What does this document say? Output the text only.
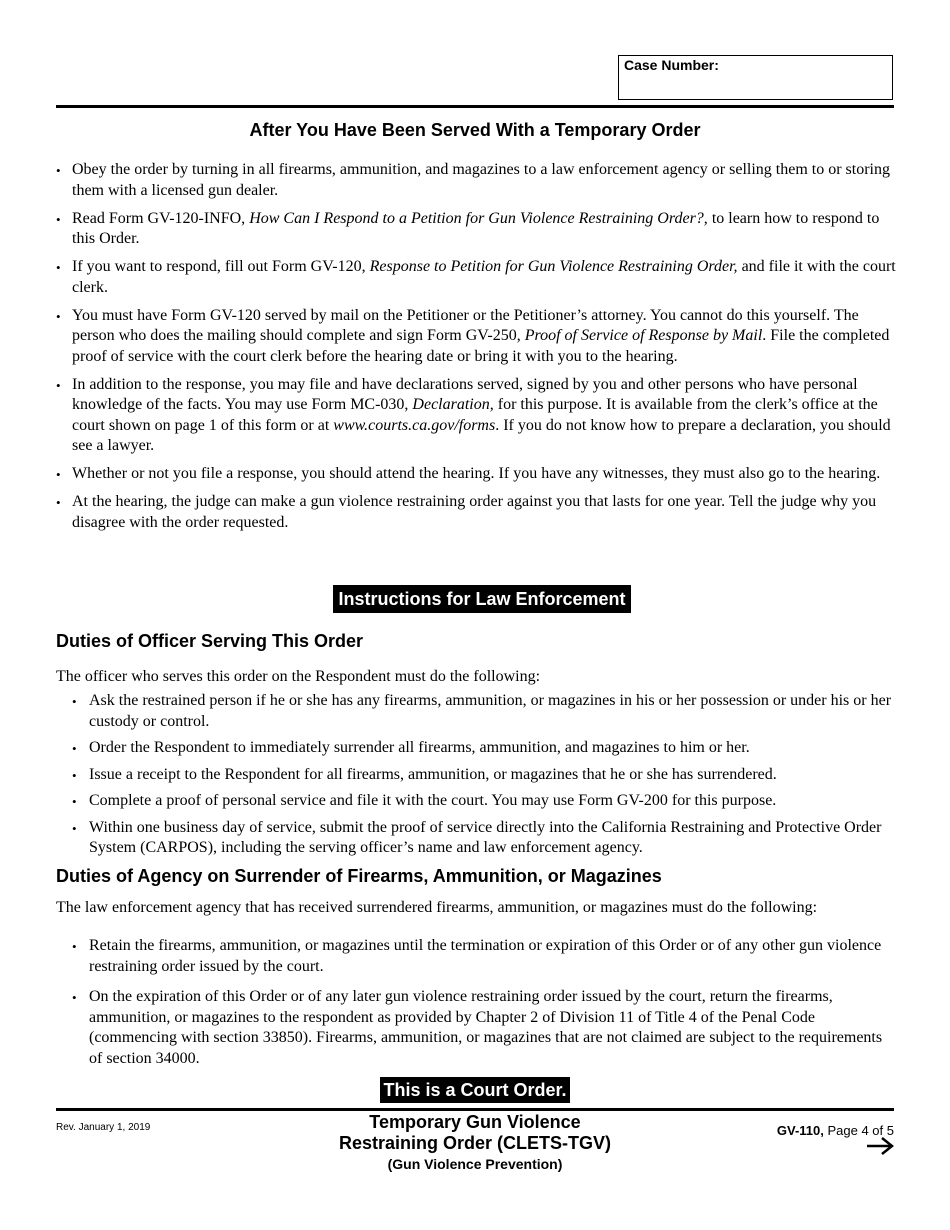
Case Number:
After You Have Been Served With a Temporary Order
• Obey the order by turning in all firearms, ammunition, and magazines to a law enforcement agency or selling them to or storing them with a licensed gun dealer.
• Read Form GV-120-INFO, How Can I Respond to a Petition for Gun Violence Restraining Order?, to learn how to respond to this Order.
• If you want to respond, fill out Form GV-120, Response to Petition for Gun Violence Restraining Order, and file it with the court clerk.
• You must have Form GV-120 served by mail on the Petitioner or the Petitioner’s attorney. You cannot do this yourself. The person who does the mailing should complete and sign Form GV-250, Proof of Service of Response by Mail. File the completed proof of service with the court clerk before the hearing date or bring it with you to the hearing.
• In addition to the response, you may file and have declarations served, signed by you and other persons who have personal knowledge of the facts. You may use Form MC-030, Declaration, for this purpose. It is available from the clerk’s office at the court shown on page 1 of this form or at www.courts.ca.gov/forms. If you do not know how to prepare a declaration, you should see a lawyer.
• Whether or not you file a response, you should attend the hearing. If you have any witnesses, they must also go to the hearing.
• At the hearing, the judge can make a gun violence restraining order against you that lasts for one year. Tell the judge why you disagree with the order requested.
Instructions for Law Enforcement
Duties of Officer Serving This Order
The officer who serves this order on the Respondent must do the following:
• Ask the restrained person if he or she has any firearms, ammunition, or magazines in his or her possession or under his or her custody or control.
• Order the Respondent to immediately surrender all firearms, ammunition, and magazines to him or her.
• Issue a receipt to the Respondent for all firearms, ammunition, or magazines that he or she has surrendered.
• Complete a proof of personal service and file it with the court. You may use Form GV-200 for this purpose.
• Within one business day of service, submit the proof of service directly into the California Restraining and Protective Order System (CARPOS), including the serving officer’s name and law enforcement agency.
Duties of Agency on Surrender of Firearms, Ammunition, or Magazines
The law enforcement agency that has received surrendered firearms, ammunition, or magazines must do the following:
• Retain the firearms, ammunition, or magazines until the termination or expiration of this Order or of any other gun violence restraining order issued by the court.
• On the expiration of this Order or of any later gun violence restraining order issued by the court, return the firearms, ammunition, or magazines to the respondent as provided by Chapter 2 of Division 11 of Title 4 of the Penal Code (commencing with section 33850). Firearms, ammunition, or magazines that are not claimed are subject to the requirements of section 34000.
This is a Court Order.
Rev. January 1, 2019	Temporary Gun Violence
Restraining Order (CLETS-TGV)
(Gun Violence Prevention)
GV-110, Page 4 of 5
